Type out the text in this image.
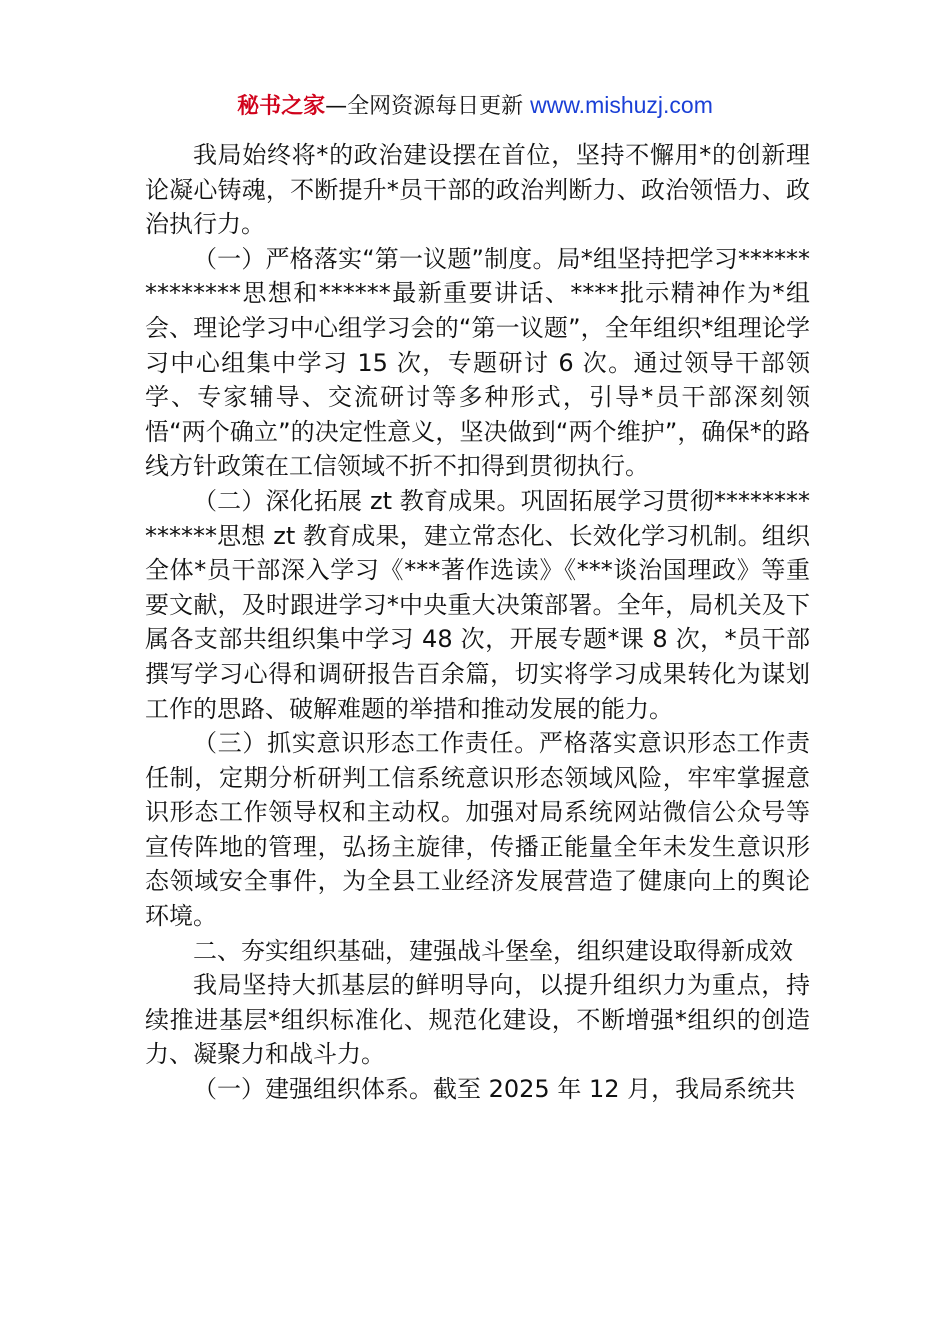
秘书之家—全网资源每日更新 www.mishuzj.com

我局始终将*的政治建设摆在首位，坚持不懈用*的创新理论凝心铸魂，不断提升*员干部的政治判断力、政治领悟力、政治执行力。

（一）严格落实“第一议题”制度。局*组坚持把学习**************思想和******最新重要讲话、****批示精神作为*组会、理论学习中心组学习会的“第一议题”，全年组织*组理论学习中心组集中学习 15 次，专题研讨 6 次。通过领导干部领学、专家辅导、交流研讨等多种形式，引导*员干部深刻领悟“两个确立”的决定性意义，坚决做到“两个维护”，确保*的路线方针政策在工信领域不折不扣得到贯彻执行。

（二）深化拓展 zt 教育成果。巩固拓展学习贯彻**************思想 zt 教育成果，建立常态化、长效化学习机制。组织全体*员干部深入学习《***著作选读》《***谈治国理政》等重要文献，及时跟进学习*中央重大决策部署。全年，局机关及下属各支部共组织集中学习 48 次，开展专题*课 8 次，*员干部撰写学习心得和调研报告百余篇，切实将学习成果转化为谋划工作的思路、破解难题的举措和推动发展的能力。

（三）抓实意识形态工作责任。严格落实意识形态工作责任制，定期分析研判工信系统意识形态领域风险，牢牢掌握意识形态工作领导权和主动权。加强对局系统网站微信公众号等宣传阵地的管理，弘扬主旋律，传播正能量全年未发生意识形态领域安全事件，为全县工业经济发展营造了健康向上的舆论环境。

二、夯实组织基础，建强战斗堡垒，组织建设取得新成效

我局坚持大抓基层的鲜明导向，以提升组织力为重点，持续推进基层*组织标准化、规范化建设，不断增强*组织的创造力、凝聚力和战斗力。

（一）建强组织体系。截至 2025 年 12 月，我局系统共
